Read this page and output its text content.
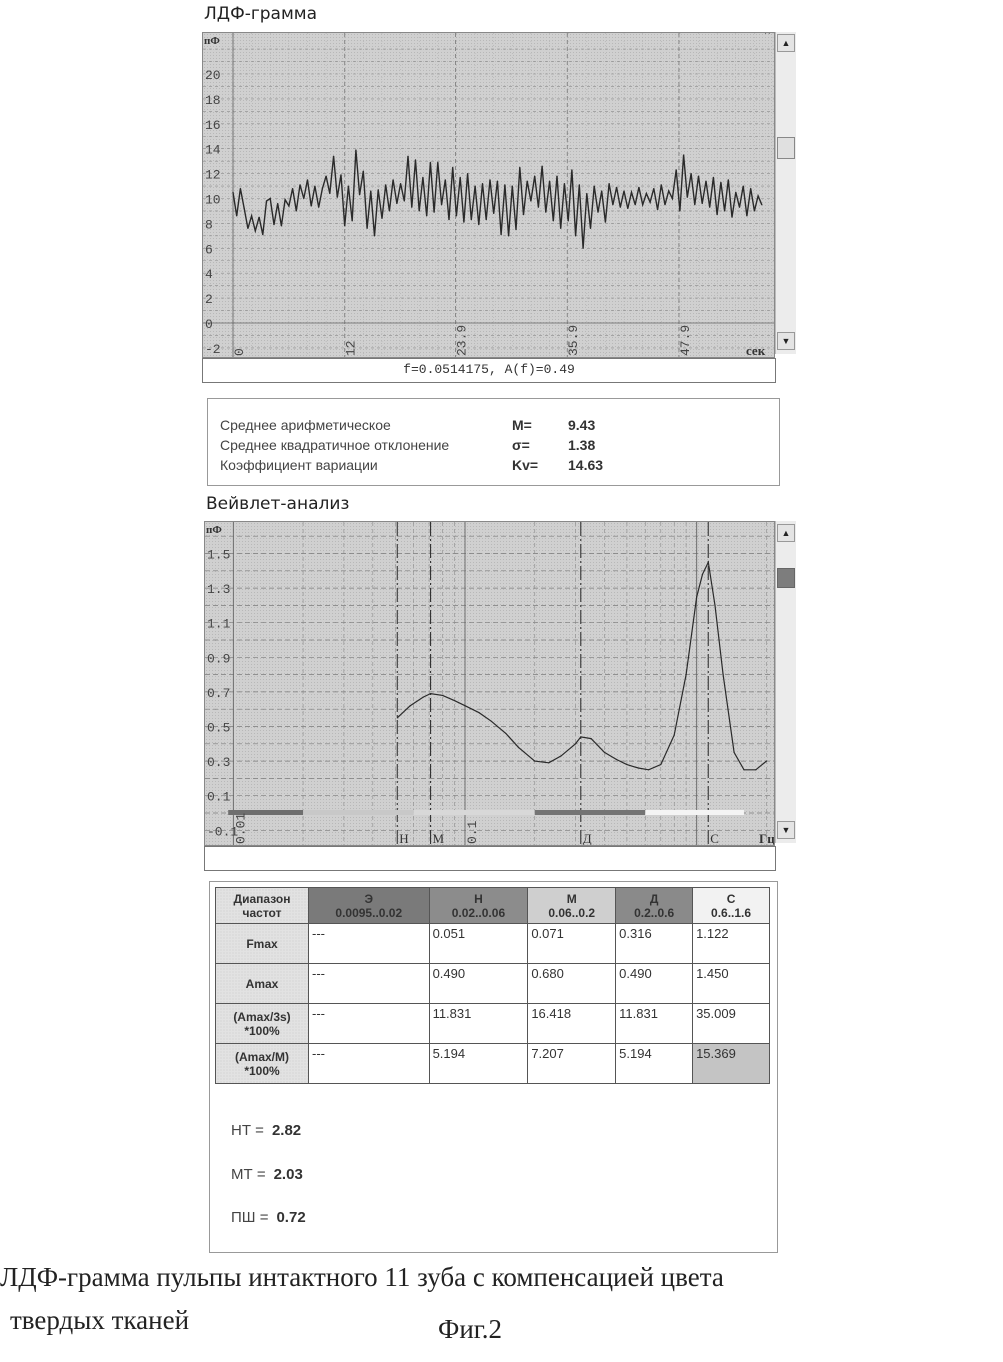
ЛДФ-грамма
20
18
16
14
12
10
8
6
4
2
0
-2
пФ
0	12	23.9	35.9	47.9	сек
▲
▼
f=0.0514175, A(f)=0.49
Среднее арифметическое	M=	9.43
Среднее квадратичное отклонение	σ=	1.38
Коэффициент вариации	Kv= 14.63
Вейвлет-анализ
1.5
1.3
1.1
0.9
0.7
0.5
0.3
0.1
-0.1
пФ
0.01	Н М 0.1	Д	С	Гц
▲
▼
Диапазон
частот	Э
0.0095..0.02	Н
0.02..0.06	М
0.06..0.2	Д
0.2..0.6	С
0.6..1.6
Fmax	---	0.051	0.071	0.316	1.122
Amax	---	0.490	0.680	0.490	1.450
(Amax/3s)
*100%	---	11.831	16.418	11.831	35.009
(Amax/M)
*100%	---	5.194	7.207	5.194	15.369
НТ = 2.82
МТ = 2.03
ПШ = 0.72
ЛДФ-грамма пульпы интактного 11 зуба с компенсацией цвета
твердых тканей	Фиг.2
